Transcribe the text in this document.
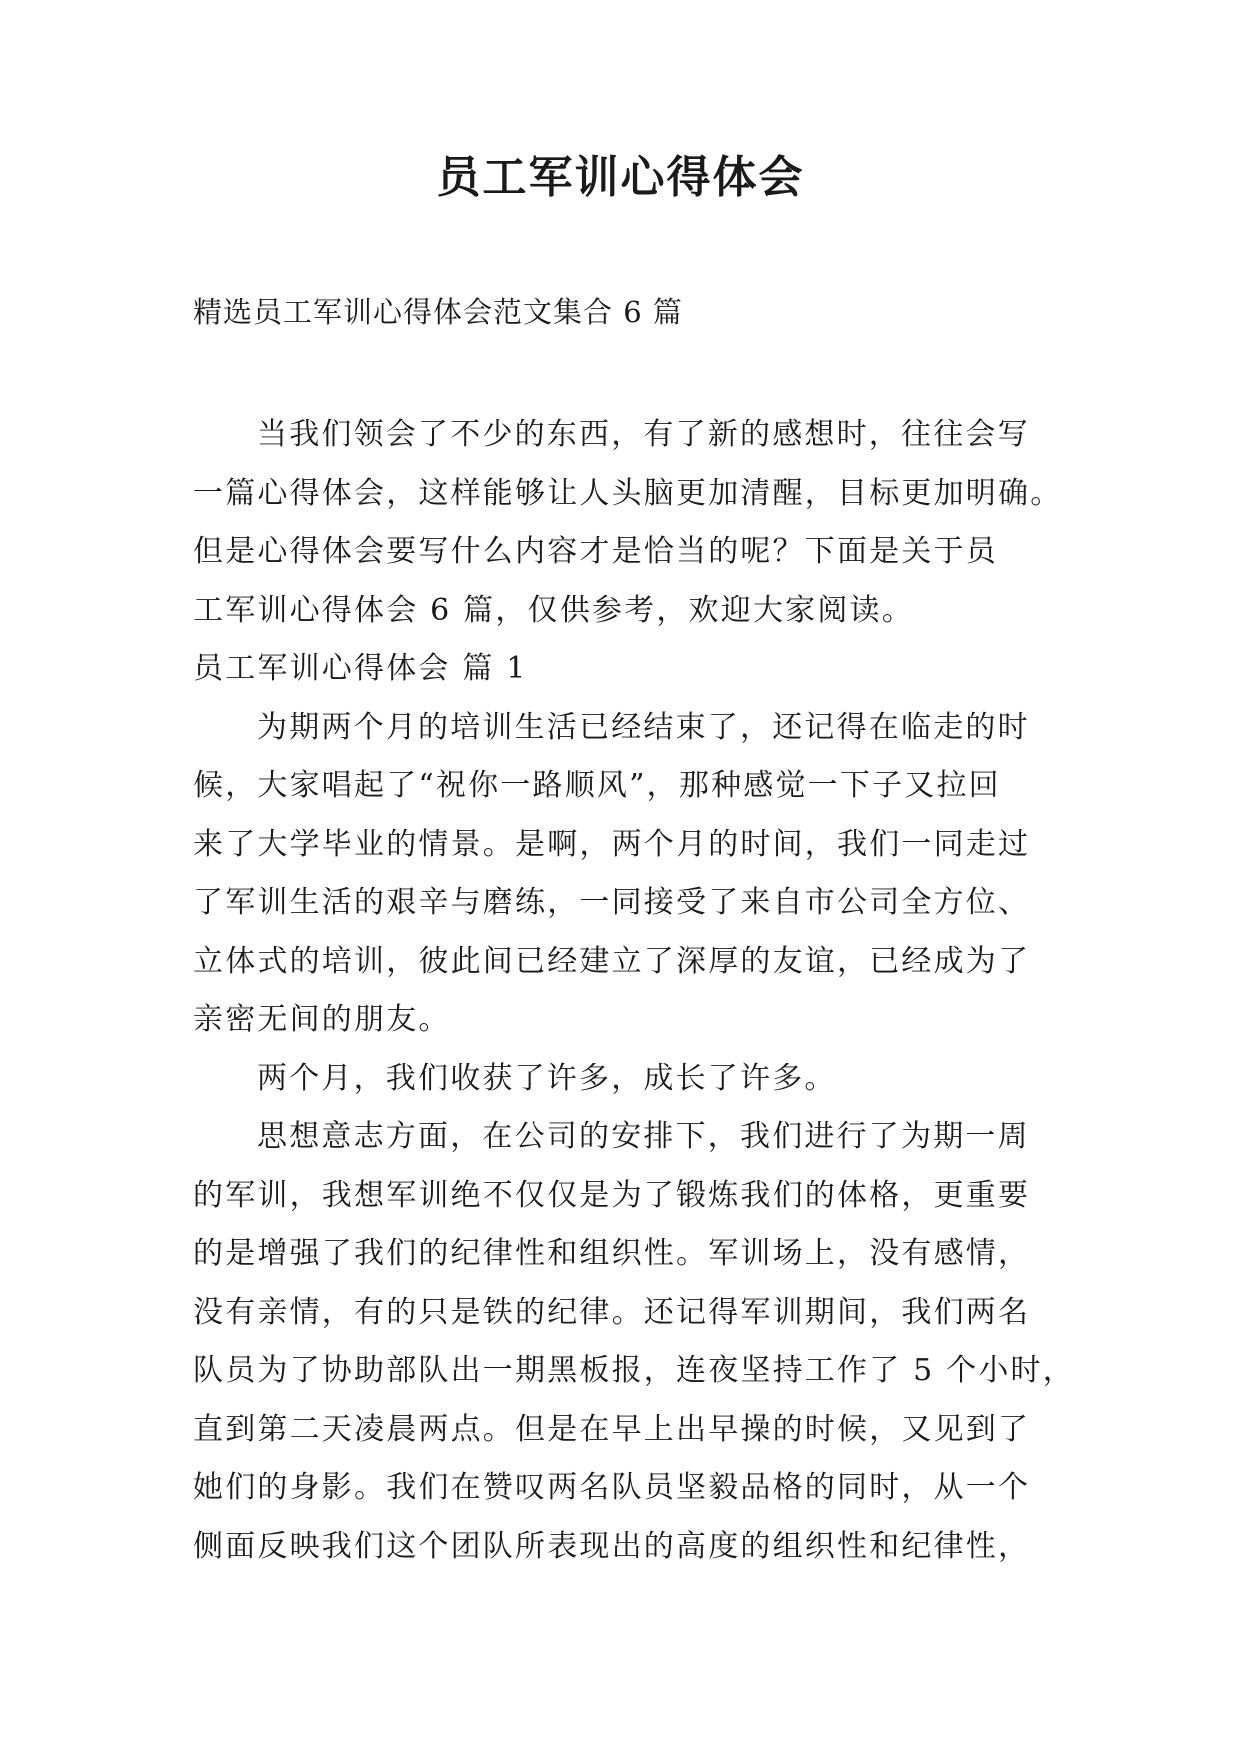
员工军训心得体会
精选员工军训心得体会范文集合 6 篇
当我们领会了不少的东西，有了新的感想时，往往会写
一篇心得体会，这样能够让人头脑更加清醒，目标更加明确。
但是心得体会要写什么内容才是恰当的呢？下面是关于员
工军训心得体会 6 篇，仅供参考，欢迎大家阅读。
员工军训心得体会 篇 1
为期两个月的培训生活已经结束了，还记得在临走的时
候，大家唱起了“祝你一路顺风”，那种感觉一下子又拉回
来了大学毕业的情景。是啊，两个月的时间，我们一同走过
了军训生活的艰辛与磨练，一同接受了来自市公司全方位、
立体式的培训，彼此间已经建立了深厚的友谊，已经成为了
亲密无间的朋友。
两个月，我们收获了许多，成长了许多。
思想意志方面，在公司的安排下，我们进行了为期一周
的军训，我想军训绝不仅仅是为了锻炼我们的体格，更重要
的是增强了我们的纪律性和组织性。军训场上，没有感情，
没有亲情，有的只是铁的纪律。还记得军训期间，我们两名
队员为了协助部队出一期黑板报，连夜坚持工作了 5 个小时，
直到第二天凌晨两点。但是在早上出早操的时候，又见到了
她们的身影。我们在赞叹两名队员坚毅品格的同时，从一个
侧面反映我们这个团队所表现出的高度的组织性和纪律性，
